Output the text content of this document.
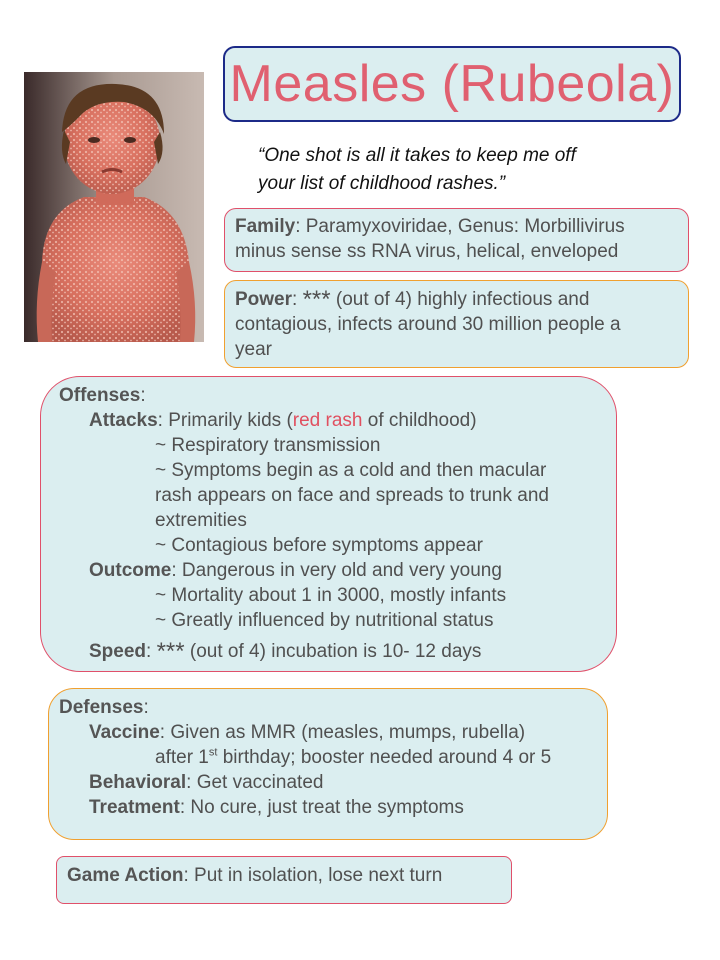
Measles (Rubeola)
“One shot is all it takes to keep me off
your list of childhood rashes.”
Family: Paramyxoviridae, Genus: Morbillivirus
minus sense ss RNA virus, helical, enveloped
Power: *** (out of 4) highly infectious and
contagious, infects around 30 million people a
year
Offenses:
Attacks: Primarily kids (red rash of childhood)
~ Respiratory transmission
~ Symptoms begin as a cold and then macular
rash appears on face and spreads to trunk and
extremities
~ Contagious before symptoms appear
Outcome: Dangerous in very old and very young
~ Mortality about 1 in 3000, mostly infants
~ Greatly influenced by nutritional status
Speed: *** (out of 4) incubation is 10- 12 days
Defenses:
Vaccine: Given as MMR (measles, mumps, rubella)
after 1st birthday; booster needed around 4 or 5
Behavioral: Get vaccinated
Treatment: No cure, just treat the symptoms
Game Action: Put in isolation, lose next turn
